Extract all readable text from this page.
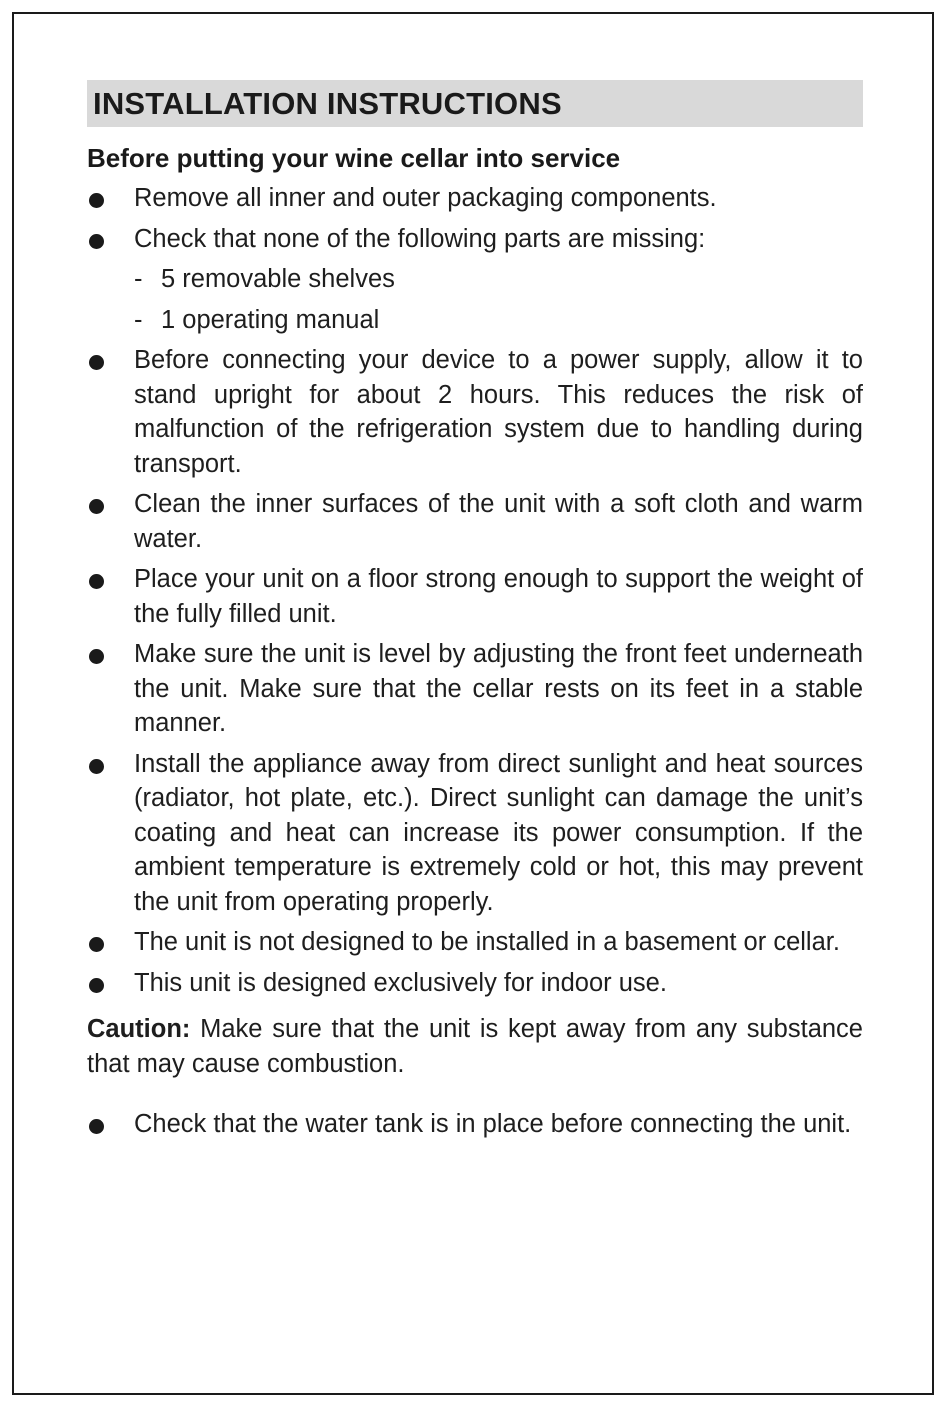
INSTALLATION INSTRUCTIONS
Before putting your wine cellar into service
Remove all inner and outer packaging components.
Check that none of the following parts are missing:
- 5 removable shelves
- 1 operating manual
Before connecting your device to a power supply, allow it to stand upright for about 2 hours. This reduces the risk of malfunction of the refrigeration system due to handling during transport.
Clean the inner surfaces of the unit with a soft cloth and warm water.
Place your unit on a floor strong enough to support the weight of the fully filled unit.
Make sure the unit is level by adjusting the front feet underneath the unit. Make sure that the cellar rests on its feet in a stable manner.
Install the appliance away from direct sunlight and heat sources (radiator, hot plate, etc.). Direct sunlight can damage the unit’s coating and heat can increase its power consumption. If the ambient temperature is extremely cold or hot, this may prevent the unit from operating properly.
The unit is not designed to be installed in a basement or cellar.
This unit is designed exclusively for indoor use.

Caution: Make sure that the unit is kept away from any substance that may cause combustion.

Check that the water tank is in place before connecting the unit.
